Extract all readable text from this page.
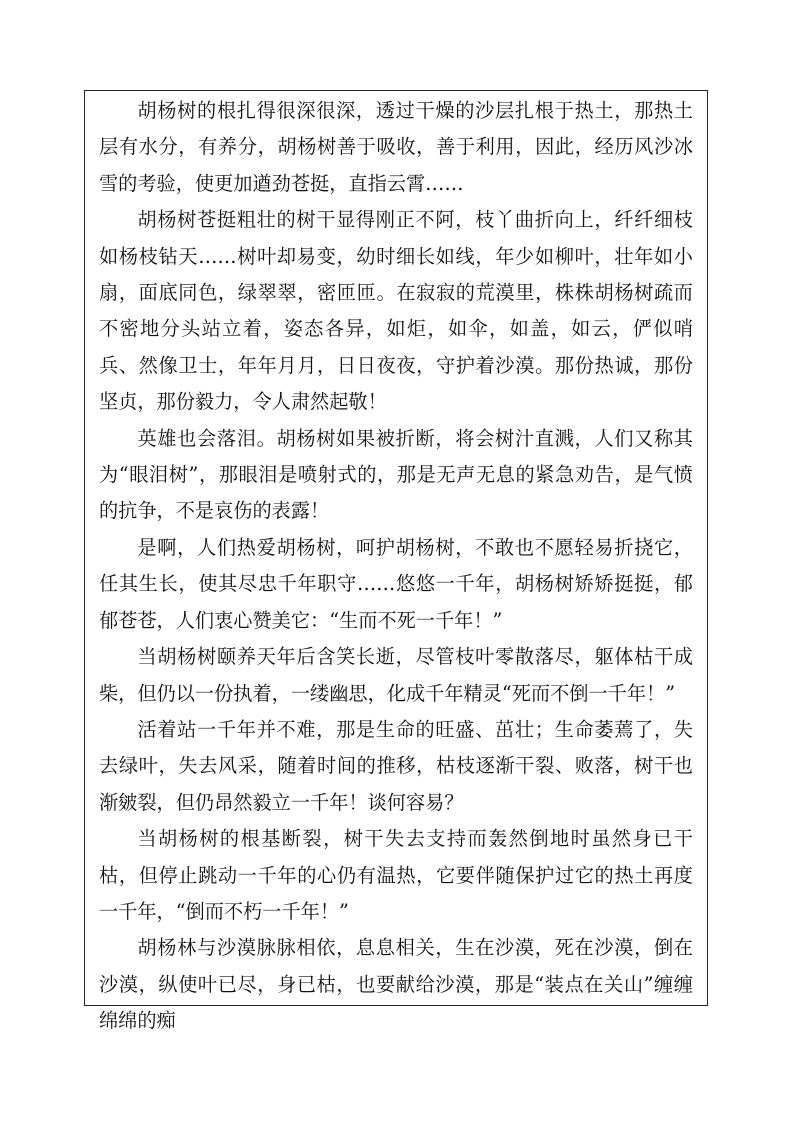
胡杨树的根扎得很深很深，透过干燥的沙层扎根于热土，那热土层有水分，有养分，胡杨树善于吸收，善于利用，因此，经历风沙冰雪的考验，使更加遒劲苍挺，直指云霄……

胡杨树苍挺粗壮的树干显得刚正不阿，枝丫曲折向上，纤纤细枝如杨枝钻天……树叶却易变，幼时细长如线，年少如柳叶，壮年如小扇，面底同色，绿翠翠，密匝匝。在寂寂的荒漠里，株株胡杨树疏而不密地分头站立着，姿态各异，如炬，如伞，如盖，如云，俨似哨兵、然像卫士，年年月月，日日夜夜，守护着沙漠。那份热诚，那份坚贞，那份毅力，令人肃然起敬！

英雄也会落泪。胡杨树如果被折断，将会树汁直溅，人们又称其为“眼泪树”，那眼泪是喷射式的，那是无声无息的紧急劝告，是气愤的抗争，不是哀伤的表露！

是啊，人们热爱胡杨树，呵护胡杨树，不敢也不愿轻易折挠它，任其生长，使其尽忠千年职守……悠悠一千年，胡杨树矫矫挺挺，郁郁苍苍，人们衷心赞美它：“生而不死一千年！”

当胡杨树颐养天年后含笑长逝，尽管枝叶零散落尽，躯体枯干成柴，但仍以一份执着，一缕幽思，化成千年精灵“死而不倒一千年！”

活着站一千年并不难，那是生命的旺盛、茁壮；生命萎蔫了，失去绿叶，失去风采，随着时间的推移，枯枝逐渐干裂、败落，树干也渐皴裂，但仍昂然毅立一千年！谈何容易？

当胡杨树的根基断裂，树干失去支持而轰然倒地时虽然身已干枯，但停止跳动一千年的心仍有温热，它要伴随保护过它的热土再度一千年，“倒而不朽一千年！”

胡杨林与沙漠脉脉相依，息息相关，生在沙漠，死在沙漠，倒在沙漠，纵使叶已尽，身已枯，也要献给沙漠，那是“装点在关山”缠缠绵绵的痴
